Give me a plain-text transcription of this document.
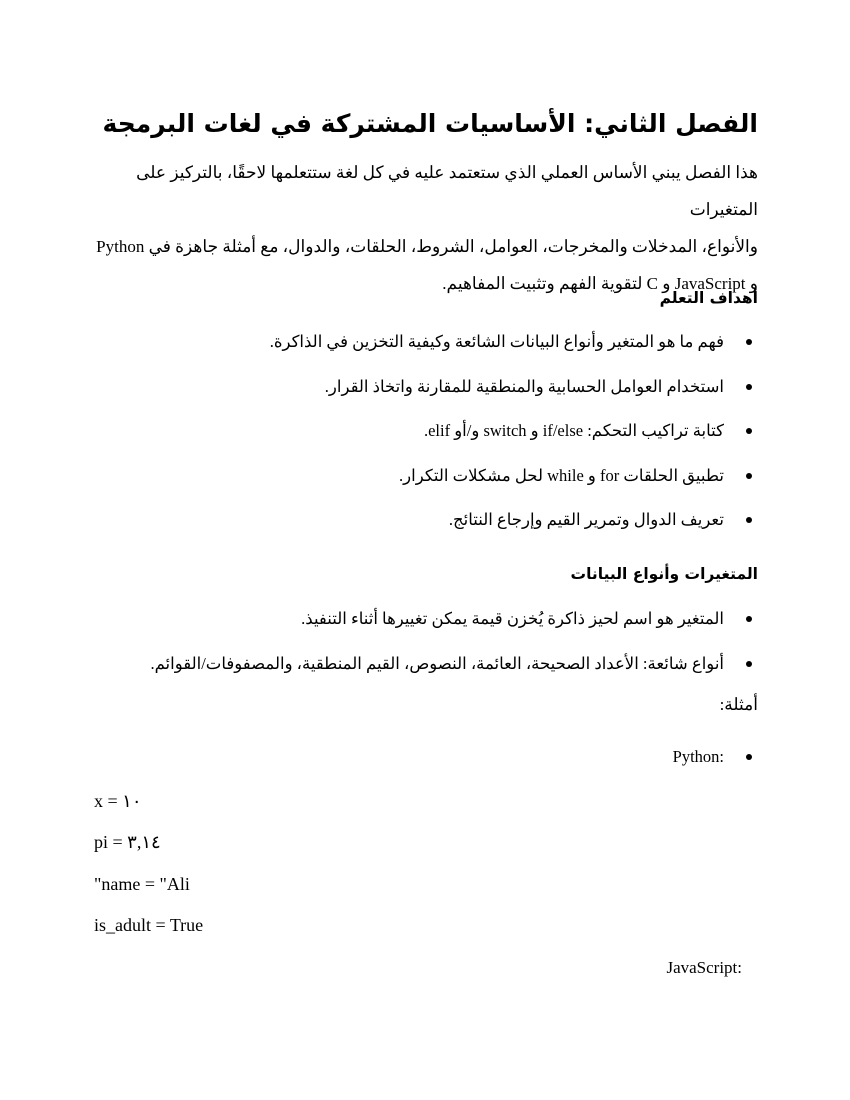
الفصل الثاني: الأساسيات المشتركة في لغات البرمجة
هذا الفصل يبني الأساس العملي الذي ستعتمد عليه في كل لغة ستتعلمها لاحقًا، بالتركيز على المتغيرات
والأنواع، المدخلات والمخرجات، العوامل، الشروط، الحلقات، والدوال، مع أمثلة جاهزة في Python
و JavaScript و C لتقوية الفهم وتثبيت المفاهيم.
أهداف التعلم
فهم ما هو المتغير وأنواع البيانات الشائعة وكيفية التخزين في الذاكرة.
استخدام العوامل الحسابية والمنطقية للمقارنة واتخاذ القرار.
كتابة تراكيب التحكم: if/else و switch و/أو elif.
تطبيق الحلقات for و while لحل مشكلات التكرار.
تعريف الدوال وتمرير القيم وإرجاع النتائج.
المتغيرات وأنواع البيانات
المتغير هو اسم لحيز ذاكرة يُخزن قيمة يمكن تغييرها أثناء التنفيذ.
أنواع شائعة: الأعداد الصحيحة، العائمة، النصوص، القيم المنطقية، والمصفوفات/القوائم.

أمثلة:

Python:

x = ١٠

pi = ٣,١٤

"name = "Ali

is_adult = True

JavaScript:
